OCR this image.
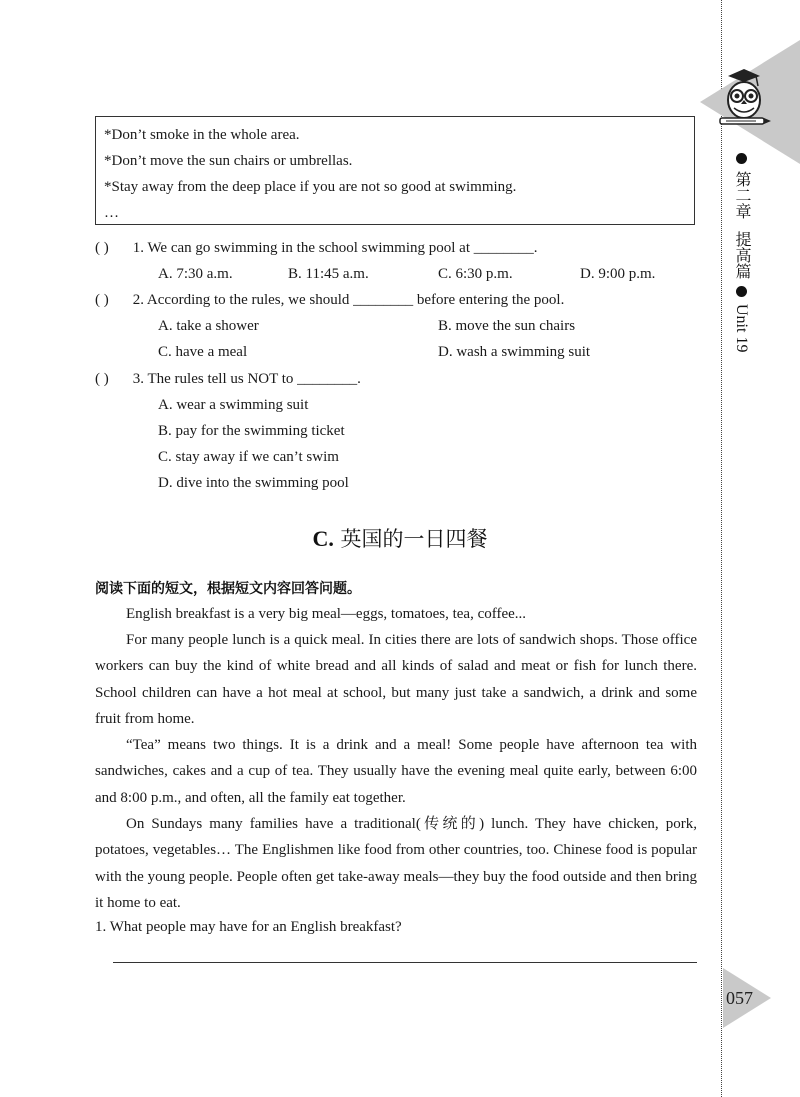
第二章   提高篇  Unit 19
057
*Don’t smoke in the whole area.
*Don’t move the sun chairs or umbrellas.
*Stay away from the deep place if you are not so good at swimming.
…
( ) 1. We can go swimming in the school swimming pool at ________.
A. 7:30 a.m.	B. 11:45 a.m.	C. 6:30 p.m.	D. 9:00 p.m.
( ) 2. According to the rules, we should ________ before entering the pool.
A. take a shower	B. move the sun chairs
C. have a meal	D. wash a swimming suit
( ) 3. The rules tell us NOT to ________.
A. wear a swimming suit
B. pay for the swimming ticket
C. stay away if we can’t swim
D. dive into the swimming pool
C. 英国的一日四餐
阅读下面的短文，根据短文内容回答问题。

English breakfast is a very big meal—eggs, tomatoes, tea, coffee...

For many people lunch is a quick meal. In cities there are lots of sandwich shops. Those office workers can buy the kind of white bread and all kinds of salad and meat or fish for lunch there. School children can have a hot meal at school, but many just take a sandwich, a drink and some fruit from home.

“Tea” means two things. It is a drink and a meal! Some people have afternoon tea with sandwiches, cakes and a cup of tea. They usually have the evening meal quite early, between 6:00 and 8:00 p.m., and often, all the family eat together.

On Sundays many families have a traditional(传统的) lunch. They have chicken, pork, potatoes, vegetables… The Englishmen like food from other countries, too. Chinese food is popular with the young people. People often get take-away meals—they buy the food outside and then bring it home to eat.

1. What people may have for an English breakfast?
